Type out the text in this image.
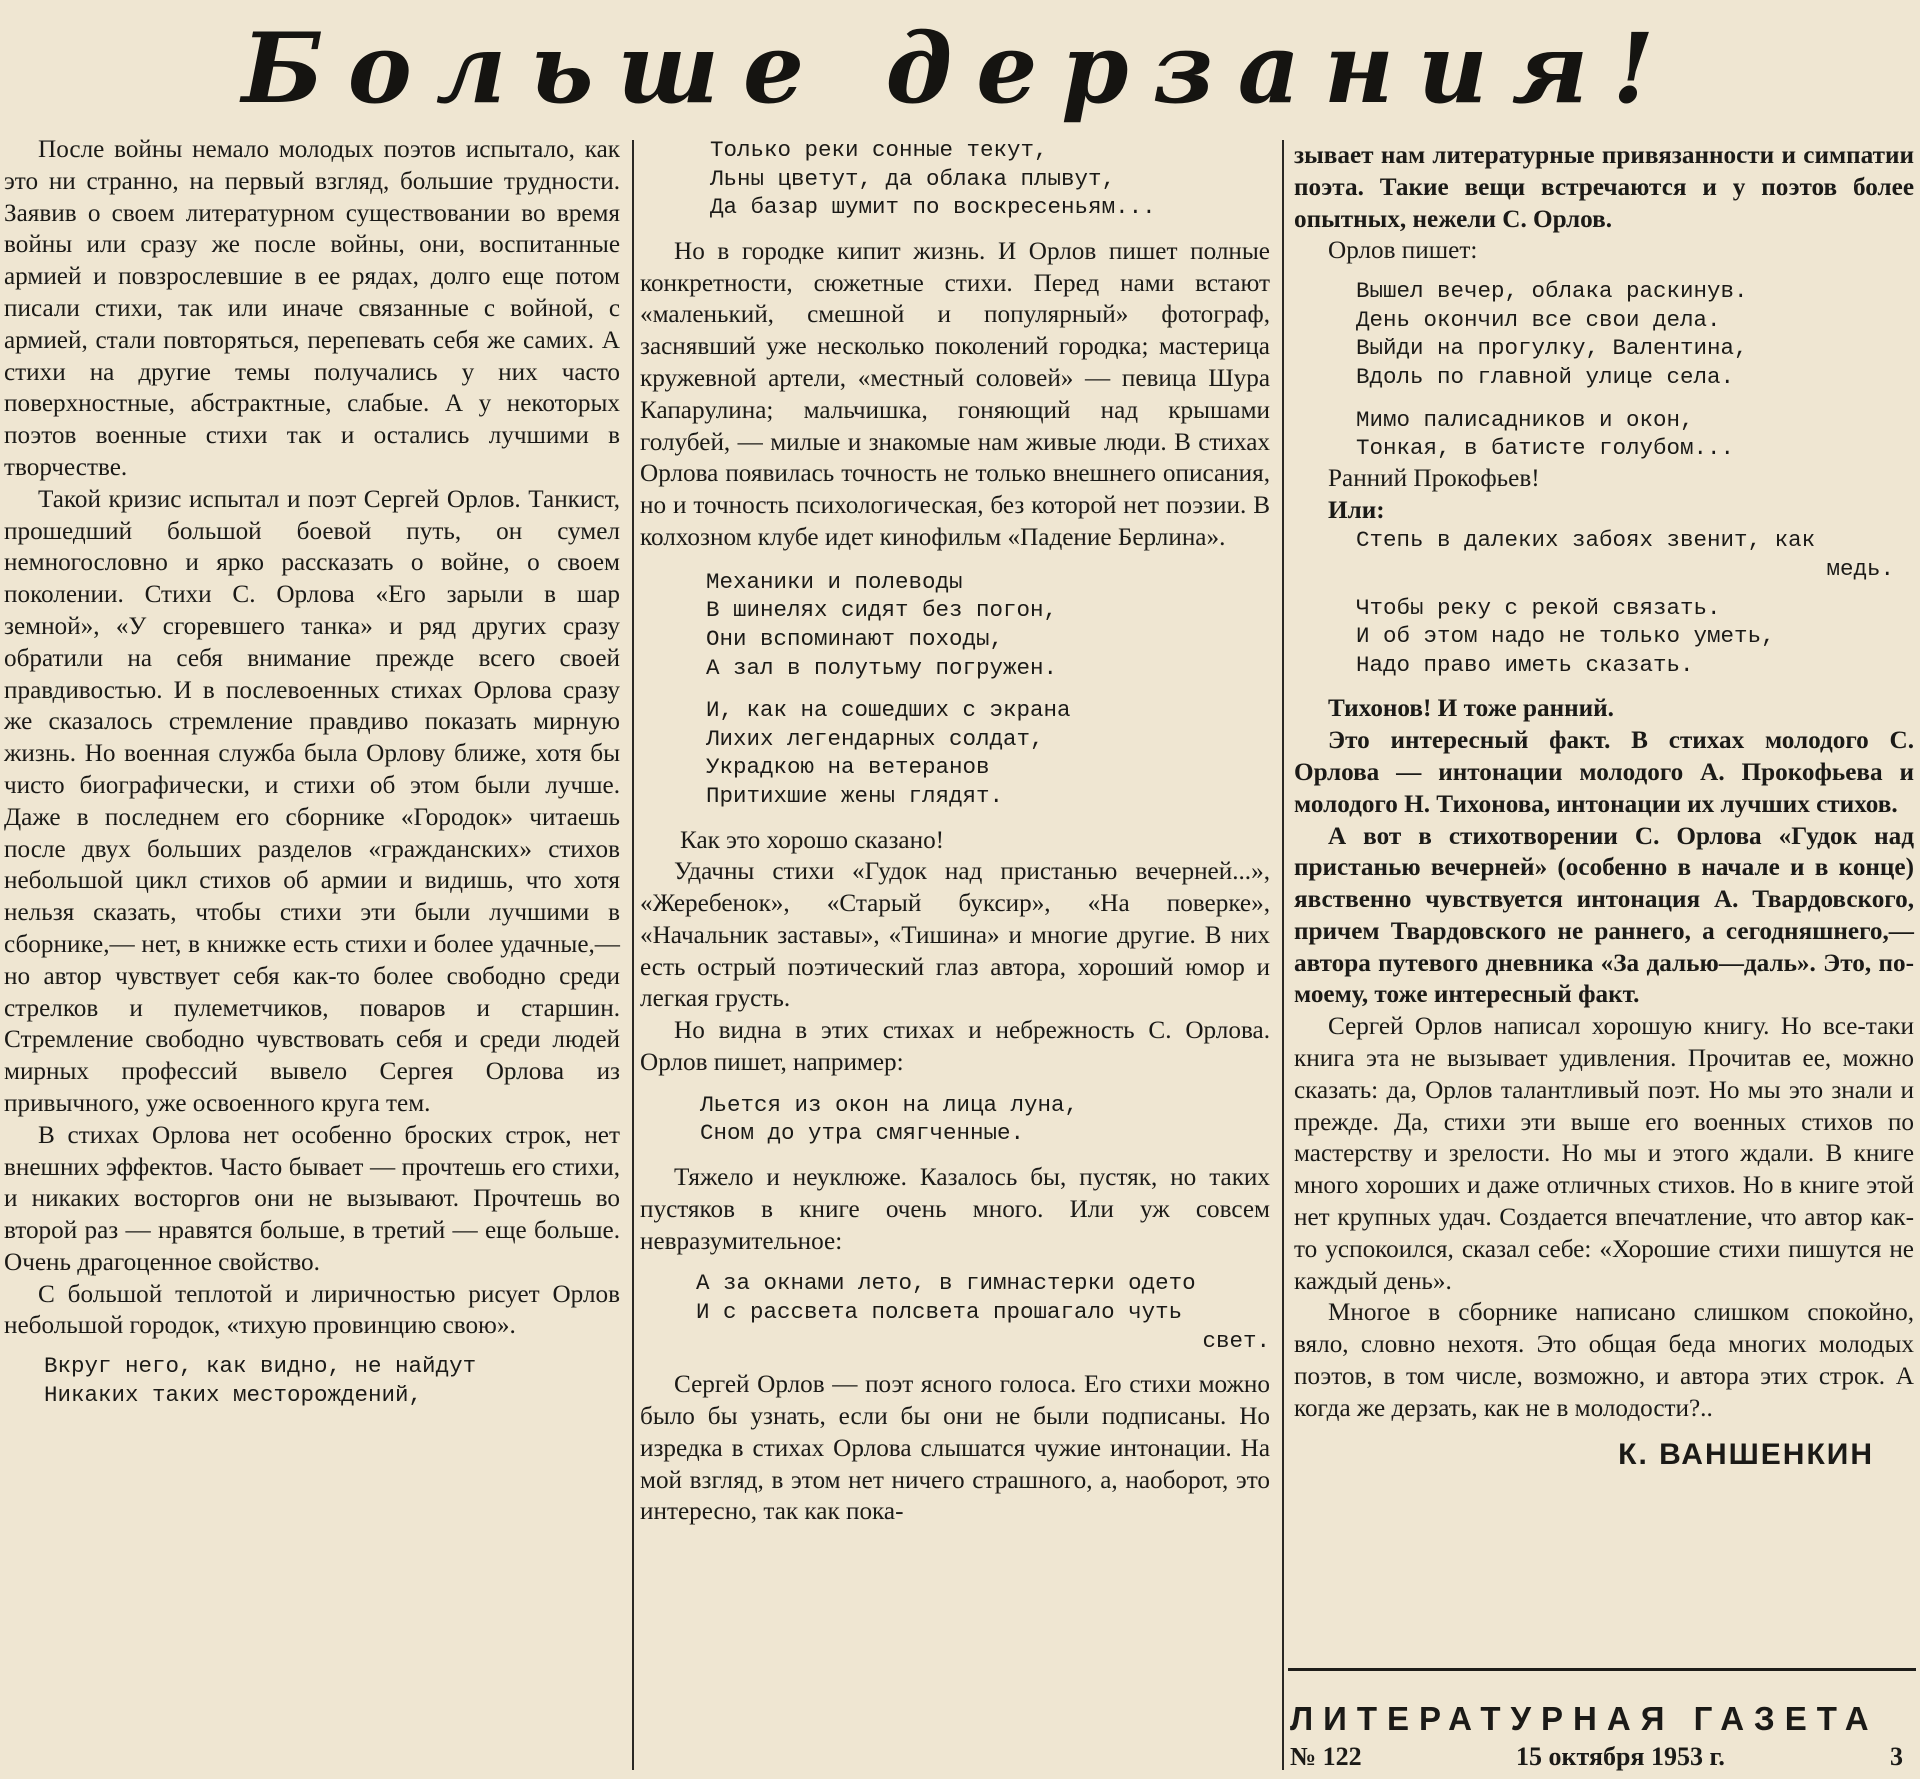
Больше дерзания!

После войны немало молодых поэтов испытало, как это ни странно, на первый взгляд, большие трудности. Заявив о своем литературном существовании во время войны или сразу же после войны, они, воспитанные армией и повзрослевшие в ее рядах, долго еще потом писали стихи, так или иначе связанные с войной, с армией, стали повторяться, перепевать себя же самих. А стихи на другие темы получались у них часто поверхностные, абстрактные, слабые. А у некоторых поэтов военные стихи так и остались лучшими в творчестве.

Такой кризис испытал и поэт Сергей Орлов. Танкист, прошедший большой боевой путь, он сумел немногословно и ярко рассказать о войне, о своем поколении. Стихи С. Орлова «Его зарыли в шар земной», «У сгоревшего танка» и ряд других сразу обратили на себя внимание прежде всего своей правдивостью. И в послевоенных стихах Орлова сразу же сказалось стремление правдиво показать мирную жизнь. Но военная служба была Орлову ближе, хотя бы чисто биографически, и стихи об этом были лучше. Даже в последнем его сборнике «Городок» читаешь после двух больших разделов «гражданских» стихов небольшой цикл стихов об армии и видишь, что хотя нельзя сказать, чтобы стихи эти были лучшими в сборнике,— нет, в книжке есть стихи и более удачные,— но автор чувствует себя как-то более свободно среди стрелков и пулеметчиков, поваров и старшин. Стремление свободно чувствовать себя и среди людей мирных профессий вывело Сергея Орлова из привычного, уже освоенного круга тем.

В стихах Орлова нет особенно броских строк, нет внешних эффектов. Часто бывает — прочтешь его стихи, и никаких восторгов они не вызывают. Прочтешь во второй раз — нравятся больше, в третий — еще больше. Очень драгоценное свойство.

С большой теплотой и лиричностью рисует Орлов небольшой городок, «тихую провинцию свою».

Вкруг него, как видно, не найдут
Никаких таких месторождений,
Только реки сонные текут,
Льны цветут, да облака плывут,
Да базар шумит по воскресеньям...

Но в городке кипит жизнь. И Орлов пишет полные конкретности, сюжетные стихи. Перед нами встают «маленький, смешной и популярный» фотограф, заснявший уже несколько поколений городка; мастерица кружевной артели, «местный соловей» — певица Шура Капарулина; мальчишка, гоняющий над крышами голубей, — милые и знакомые нам живые люди. В стихах Орлова появилась точность не только внешнего описания, но и точность психологическая, без которой нет поэзии. В колхозном клубе идет кинофильм «Падение Берлина».

Механики и полеводы
В шинелях сидят без погон,
Они вспоминают походы,
А зал в полутьму погружен.
И, как на сошедших с экрана
Лихих легендарных солдат,
Украдкою на ветеранов
Притихшие жены глядят.

Как это хорошо сказано!

Удачны стихи «Гудок над пристанью вечерней...», «Жеребенок», «Старый буксир», «На поверке», «Начальник заставы», «Тишина» и многие другие. В них есть острый поэтический глаз автора, хороший юмор и легкая грусть.

Но видна в этих стихах и небрежность С. Орлова. Орлов пишет, например:

Льется из окон на лица луна,
Сном до утра смягченные.

Тяжело и неуклюже. Казалось бы, пустяк, но таких пустяков в книге очень много. Или уж совсем невразумительное:

А за окнами лето, в гимнастерки одето
И с рассвета полсвета прошагало чуть
свет.

Сергей Орлов — поэт ясного голоса. Его стихи можно было бы узнать, если бы они не были подписаны. Но изредка в стихах Орлова слышатся чужие интонации. На мой взгляд, в этом нет ничего страшного, а, наоборот, это интересно, так как пока-

зывает нам литературные привязанности и симпатии поэта. Такие вещи встречаются и у поэтов более опытных, нежели С. Орлов.

Орлов пишет:

Вышел вечер, облака раскинув.
День окончил все свои дела.
Выйди на прогулку, Валентина,
Вдоль по главной улице села.
Мимо палисадников и окон,
Тонкая, в батисте голубом...

Ранний Прокофьев!

Или:

Степь в далеких забоях звенит, как
медь.
Чтобы реку с рекой связать.
И об этом надо не только уметь,
Надо право иметь сказать.

Тихонов! И тоже ранний.

Это интересный факт. В стихах молодого С. Орлова — интонации молодого А. Прокофьева и молодого Н. Тихонова, интонации их лучших стихов.

А вот в стихотворении С. Орлова «Гудок над пристанью вечерней» (особенно в начале и в конце) явственно чувствуется интонация А. Твардовского, причем Твардовского не раннего, а сегодняшнего,—автора путевого дневника «За далью—даль». Это, по-моему, тоже интересный факт.

Сергей Орлов написал хорошую книгу. Но все-таки книга эта не вызывает удивления. Прочитав ее, можно сказать: да, Орлов талантливый поэт. Но мы это знали и прежде. Да, стихи эти выше его военных стихов по мастерству и зрелости. Но мы и этого ждали. В книге много хороших и даже отличных стихов. Но в книге этой нет крупных удач. Создается впечатление, что автор как-то успокоился, сказал себе: «Хорошие стихи пишутся не каждый день».

Многое в сборнике написано слишком спокойно, вяло, словно нехотя. Это общая беда многих молодых поэтов, в том числе, возможно, и автора этих строк. А когда же дерзать, как не в молодости?..

К. ВАНШЕНКИН
ЛИТЕРАТУРНАЯ ГАЗЕТА
№ 122	15 октября 1953 г.	3
